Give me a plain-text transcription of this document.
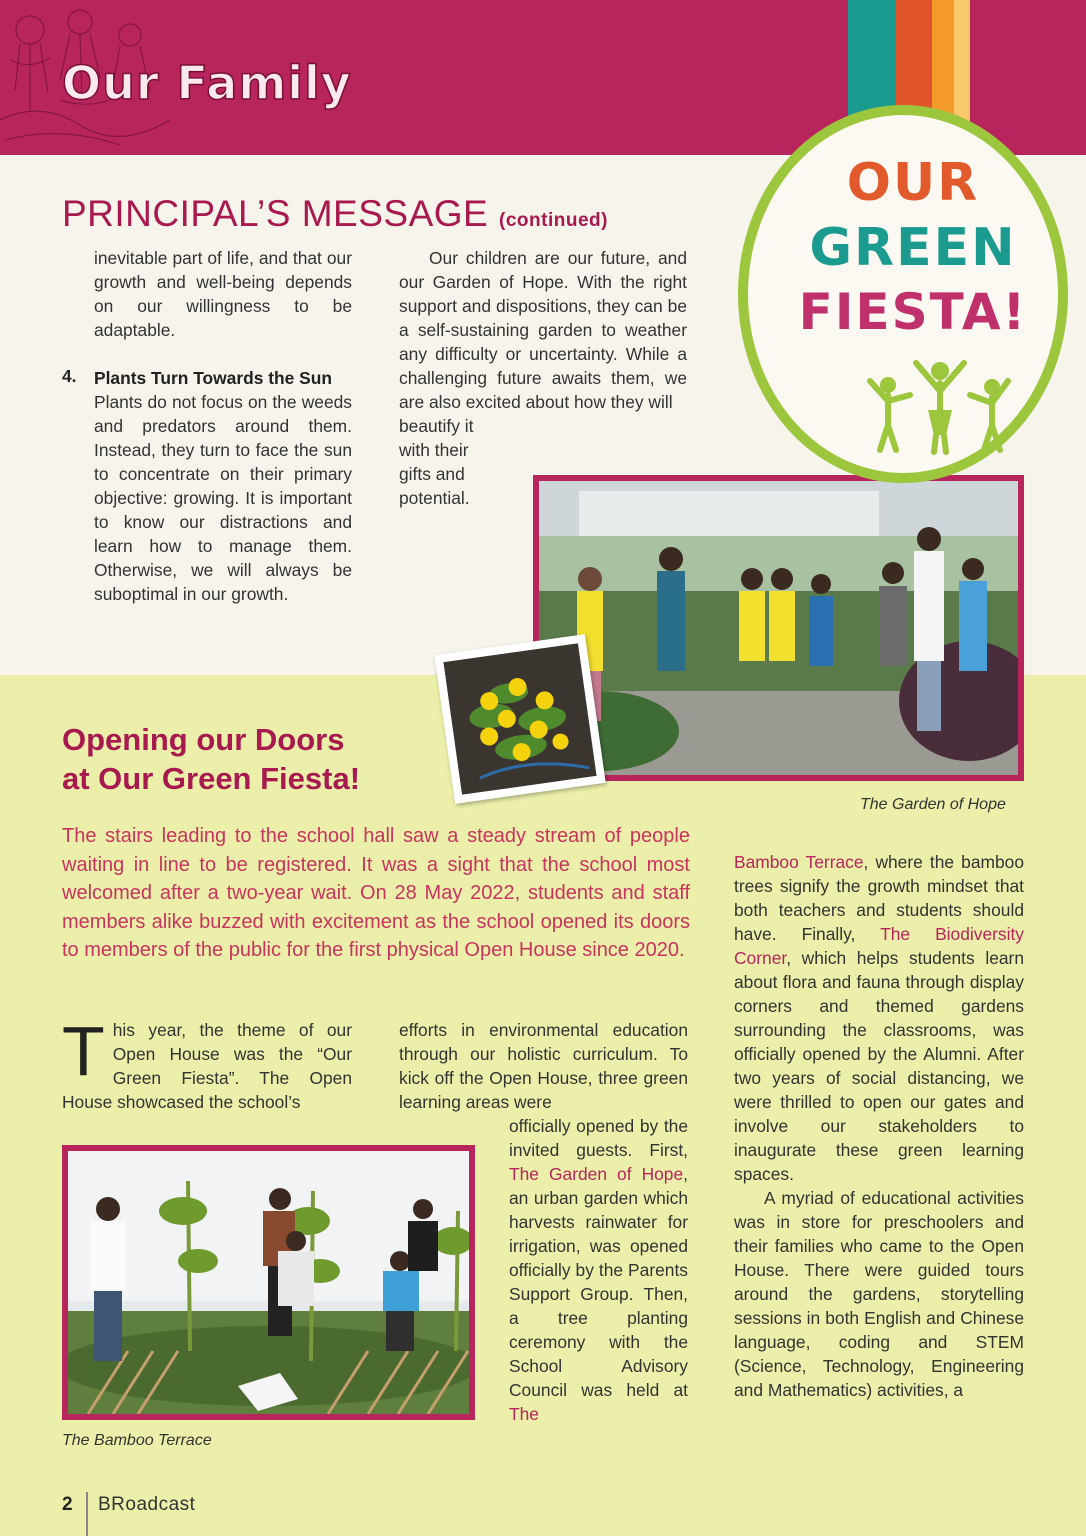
Our Family
PRINCIPAL’S MESSAGE (continued)

inevitable part of life, and that our growth and well-being depends on our willingness to be adaptable.

Plants Turn Towards the Sun

Plants do not focus on the weeds and predators around them. Instead, they turn to face the sun to concentrate on their primary objective: growing. It is important to know our distractions and learn how to manage them. Otherwise, we will always be suboptimal in our growth.

4.

Our children are our future, and our Garden of Hope. With the right support and dispositions, they can be a self-sustaining garden to weather any difficulty or uncertainty. While a challenging future awaits them, we are also excited about how they will

beautify it with their gifts and potential.

The Garden of Hope
OUR
GREEN
FIESTA!
Opening our Doors
at Our Green Fiesta!
The stairs leading to the school hall saw a steady stream of people waiting in line to be registered. It was a sight that the school most welcomed after a two-year wait. On 28 May 2022, students and staff members alike buzzed with excitement as the school opened its doors to members of the public for the first physical Open House since 2020.
T his year, the theme of our Open House was the “Our Green Fiesta”. The Open House showcased the school’s
The Bamboo Terrace

efforts in environmental education through our holistic curriculum. To kick off the Open House, three green learning areas were

officially opened by the invited guests. First, The Garden of Hope, an urban garden which harvests rainwater for irrigation, was opened officially by the Parents Support Group. Then, a tree planting ceremony with the School Advisory Council was held at The

Bamboo Terrace, where the bamboo trees signify the growth mindset that both teachers and students should have. Finally, The Biodiversity Corner, which helps students learn about flora and fauna through display corners and themed gardens surrounding the classrooms, was officially opened by the Alumni. After two years of social distancing, we were thrilled to open our gates and involve our stakeholders to inaugurate these green learning spaces.

A myriad of educational activities was in store for preschoolers and their families who came to the Open House. There were guided tours around the gardens, storytelling sessions in both English and Chinese language, coding and STEM (Science, Technology, Engineering and Mathematics) activities, a

2 BRoadcast
